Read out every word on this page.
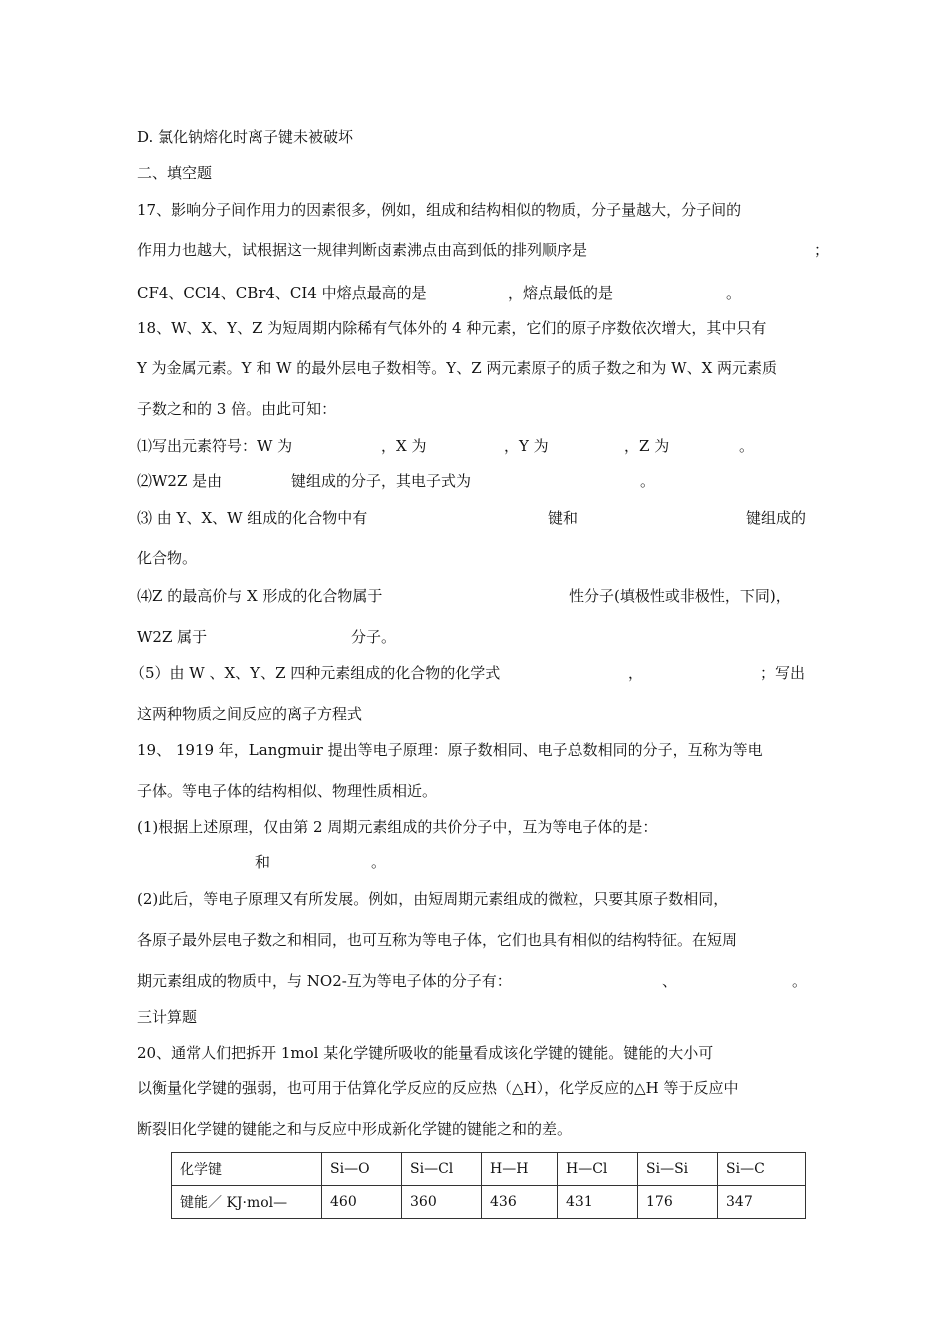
D. 氯化钠熔化时离子键未被破坏
二、填空题
17、影响分子间作用力的因素很多，例如，组成和结构相似的物质，分子量越大，分子间的
作用力也越大，试根据这一规律判断卤素沸点由高到低的排列顺序是	；
CF4、CCl4、CBr4、CI4 中熔点最高的是	，熔点最低的是	。
18、W、X、Y、Z 为短周期内除稀有气体外的 4 种元素，它们的原子序数依次增大，其中只有
Y 为金属元素。Y 和 W 的最外层电子数相等。Y、Z 两元素原子的质子数之和为 W、X 两元素质
子数之和的 3 倍。由此可知：
⑴写出元素符号：W 为	，X 为	，Y 为	，Z 为	。
⑵W2Z 是由	键组成的分子，其电子式为	。
⑶ 由 Y、X、W 组成的化合物中有	键和	键组成的
化合物。
⑷Z 的最高价与 X 形成的化合物属于	性分子(填极性或非极性，下同)，
W2Z 属于	分子。
（5）由 W 、X、Y、Z 四种元素组成的化合物的化学式	，	；写出
这两种物质之间反应的离子方程式
19、 1919 年，Langmuir 提出等电子原理：原子数相同、电子总数相同的分子，互称为等电
子体。等电子体的结构相似、物理性质相近。
(1)根据上述原理，仅由第 2 周期元素组成的共价分子中，互为等电子体的是：
和	。
(2)此后，等电子原理又有所发展。例如，由短周期元素组成的微粒，只要其原子数相同，
各原子最外层电子数之和相同，也可互称为等电子体，它们也具有相似的结构特征。在短周
期元素组成的物质中，与 NO2-互为等电子体的分子有：	、	。
三计算题
20、通常人们把拆开 1mol 某化学键所吸收的能量看成该化学键的键能。键能的大小可
以衡量化学键的强弱，也可用于估算化学反应的反应热（△H），化学反应的△H 等于反应中
断裂旧化学键的键能之和与反应中形成新化学键的键能之和的差。
化学键	Si—O	Si—Cl	H—H	H—Cl	Si—Si	Si—C
键能／ KJ·mol—	460	360	436	431	176	347
